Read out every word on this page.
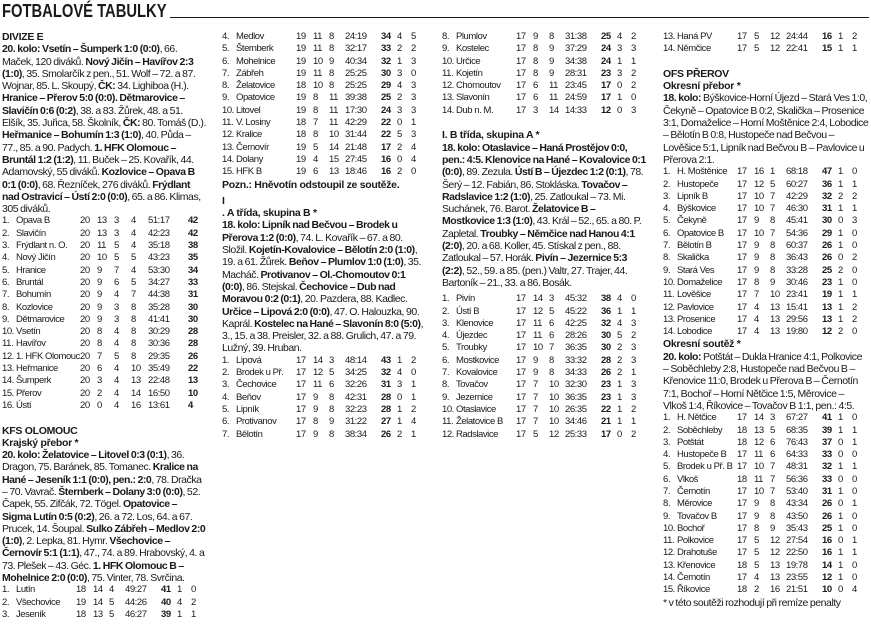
FOTBALOVÉ TABULKY

DIVIZE E

20. kolo: Vsetín – Šumperk 1:0 (0:0), 66. Maček, 120 diváků. Nový Jičín – Havířov 2:3 (1:0), 35. Smolarčík z pen., 51. Wolf – 72. a 87. Wojnar, 85. L. Skoupý, ČK: 34. Lighiboa (H.). Hranice – Přerov 5:0 (0:0). Dětmarovice – Slavičín 0:6 (0:2), 38. a 83. Žůrek, 48. a 51. Elšík, 35. Juřica, 58. Školník, ČK: 80. Tomáš (D.). Heřmanice – Bohumín 1:3 (1:0), 40. Půda – 77., 85. a 90. Padych. 1. HFK Olomouc – Bruntál 1:2 (1:2), 11. Buček – 25. Kovařík, 44. Adamovský, 55 diváků. Kozlovice – Opava B 0:1 (0:0), 68. Řezníček, 276 diváků. Frýdlant nad Ostravicí – Ústí 2:0 (0:0), 65. a 86. Klimas, 305 diváků.

1.	Opava B	20	13	3	4	51:17	42
2.	Slavičín	20	13	3	4	42:23	42
3.	Frýdlant n. O.	20	11	5	4	35:18	38
4.	Nový Jičín	20	10	5	5	43:23	35
5.	Hranice	20	9	7	4	53:30	34
6.	Bruntál	20	9	6	5	34:27	33
7.	Bohumín	20	9	4	7	44:38	31
8.	Kozlovice	20	9	3	8	35:28	30
9.	Dětmarovice	20	9	3	8	41:41	30
10.	Vsetín	20	8	4	8	30:29	28
11.	Havířov	20	8	4	8	30:36	28
12.	1. HFK Olomouc	20	7	5	8	29:35	26
13.	Heřmanice	20	6	4	10	35:49	22
14.	Šumperk	20	3	4	13	22:48	13
15.	Přerov	20	2	4	14	16:50	10
16.	Ústí	20	0	4	16	13:61	4

KFS OLOMOUC

Krajský přebor *

20. kolo: Želatovice – Litovel 0:3 (0:1), 36. Dragon, 75. Baránek, 85. Tomanec. Kralice na Hané – Jeseník 1:1 (0:0), pen.: 2:0, 78. Dračka – 70. Vavrač. Šternberk – Dolany 3:0 (0:0), 52. Čapek, 55. Zifčák, 72. Tögel. Opatovice – Sigma Lutín 0:5 (0:2), 26. a 72. Los, 64. a 67. Prucek, 14. Šoupal. Sulko Zábřeh – Medlov 2:0 (1:0), 2. Lepka, 81. Hymr. Všechovice – Černovír 5:1 (1:1), 47., 74. a 89. Hrabovský, 4. a 73. Plešek – 43. Géc. 1. HFK Olomouc B – Mohelnice 2:0 (0:0), 75. Vinter, 78. Svrčina.

1.	Lutín	18	14	4	49:27	41	1	0
2.	Všechovice	19	14	5	44:26	40	4	2
3.	Jeseník	18	13	5	46:27	39	1	1
4.	Medlov	19	11	8	24:19	34	4	5
5.	Šternberk	19	11	8	32:17	33	2	2
6.	Mohelnice	19	10	9	40:34	32	1	3
7.	Zábřeh	19	11	8	25:25	30	3	0
8.	Želatovice	18	10	8	25:25	29	4	3
9.	Opatovice	19	8	11	39:38	25	2	3
10.	Litovel	19	8	11	17:30	24	3	3
11.	V. Losiny	18	7	11	42:29	22	0	1
12.	Kralice	18	8	10	31:44	22	5	3
13.	Černovír	19	5	14	21:48	17	2	4
14.	Dolany	19	4	15	27:45	16	0	4
15.	HFK B	19	6	13	18:46	16	2	0

Pozn.: Hněvotín odstoupil ze soutěže.

I

. A třída, skupina B *

18. kolo: Lipník nad Bečvou – Brodek u Přerova 1:2 (0:0), 74. L. Kovařík – 67. a 80. Složil. Kojetín-Kovalovice – Bělotín 2:0 (1:0), 19. a 61. Žůrek. Beňov – Plumlov 1:0 (1:0), 35. Macháč. Protivanov – Ol.-Chomoutov 0:1 (0:0), 86. Stejskal. Čechovice – Dub nad Moravou 0:2 (0:1), 20. Pazdera, 88. Kadlec. Určice – Lipová 2:0 (0:0), 47. O. Halouzka, 90. Kaprál. Kostelec na Hané – Slavonín 8:0 (5:0), 3., 15. a 38. Preisler, 32. a 88. Grulich, 47. a 79. Lužný, 39. Hruban.

1.	Lipová	17	14	3	48:14	43	1	2
2.	Brodek u Př.	17	12	5	34:25	32	4	0
3.	Čechovice	17	11	6	32:26	31	3	1
4.	Beňov	17	9	8	42:31	28	0	1
5.	Lipník	17	9	8	32:23	28	1	2
6.	Protivanov	17	8	9	31:22	27	1	4
7.	Bělotín	17	9	8	38:34	26	2	1
8.	Plumlov	17	9	8	31:38	25	4	2
9.	Kostelec	17	8	9	37:29	24	3	3
10.	Určice	17	8	9	34:38	24	1	1
11.	Kojetín	17	8	9	28:31	23	3	2
12.	Chomoutov	17	6	11	23:45	17	0	2
13.	Slavonín	17	6	11	24:59	17	1	0
14.	Dub n. M.	17	3	14	14:33	12	0	3

I. B třída, skupina A *

18. kolo: Otaslavice – Haná Prostějov 0:0, pen.: 4:5. Klenovice na Hané – Kovalovice 0:1 (0:0), 89. Zezula. Ústí B – Újezdec 1:2 (0:1), 78. Šerý – 12. Fabián, 86. Stokláska. Tovačov – Radslavice 1:2 (1:0), 25. Zatloukal – 73. Mi. Suchánek, 76. Barot. Želatovice B – Mostkovice 1:3 (1:0), 43. Král – 52., 65. a 80. P. Zapletal. Troubky – Němčice nad Hanou 4:1 (2:0), 20. a 68. Koller, 45. Stískal z pen., 88. Zatloukal – 57. Horák. Pivín – Jezernice 5:3 (2:2), 52., 59. a 85. (pen.) Valtr, 27. Trajer, 44. Bartoník – 21., 33. a 86. Bosák.

1.	Pivín	17	14	3	45:32	38	4	0
2.	Ústí B	17	12	5	45:22	36	1	1
3.	Klenovice	17	11	6	42:25	32	4	3
4.	Újezdec	17	11	6	28:26	30	5	2
5.	Troubky	17	10	7	36:35	30	2	3
6.	Mostkovice	17	9	8	33:32	28	2	3
7.	Kovalovice	17	9	8	34:33	26	2	1
8.	Tovačov	17	7	10	32:30	23	1	3
9.	Jezernice	17	7	10	36:35	23	1	3
10.	Otaslavice	17	7	10	26:35	22	1	2
11.	Želatovice B	17	7	10	34:46	21	1	1
12.	Radslavice	17	5	12	25:33	17	0	2
13.	Haná PV	17	5	12	24:44	16	1	2
14.	Němčice	17	5	12	22:41	15	1	1

OFS PŘEROV

Okresní přebor *

18. kolo: Býškovice-Horní Újezd – Stará Ves 1:0, Čekyně – Opatovice B 0:2, Skalička – Prosenice 3:1, Domaželice – Horní Moštěnice 2:4, Lobodice – Bělotín B 0:8, Hustopeče nad Bečvou – Lověšice 5:1, Lipník nad Bečvou B – Pavlovice u Přerova 2:1.

1.	H. Moštěnice	17	16	1	68:18	47	1	0
2.	Hustopeče	17	12	5	60:27	36	1	1
3.	Lipník B	17	10	7	42:29	32	2	2
4.	Býškovice	17	10	7	46:30	31	1	1
5.	Čekyně	17	9	8	45:41	30	0	3
6.	Opatovice B	17	10	7	54:36	29	1	0
7.	Bělotín B	17	9	8	60:37	26	1	0
8.	Skalička	17	9	8	36:43	26	0	2
9.	Stará Ves	17	9	8	33:28	25	2	0
10.	Domaželice	17	8	9	30:46	23	1	0
11.	Lověšice	17	7	10	23:41	19	1	1
12.	Pavlovice	17	4	13	15:41	13	1	2
13.	Prosenice	17	4	13	29:56	13	1	2
14.	Lobodice	17	4	13	19:80	12	2	0

Okresní soutěž *

20. kolo: Potštát – Dukla Hranice 4:1, Polkovice – Soběchleby 2:8, Hustopeče nad Bečvou B – Křenovice 11:0, Brodek u Přerova B – Černotín 7:1, Bochoř – Horní Nětčice 1:5, Měrovice – Vlkoš 1:4, Říkovice – Tovačov B 1:1, pen.: 4:5.

1.	H. Nětčice	17	14	3	67:27	41	1	0
2.	Soběchleby	18	13	5	68:35	39	1	1
3.	Potštát	18	12	6	76:43	37	0	1
4.	Hustopeče B	17	11	6	64:33	33	0	0
5.	Brodek u Př. B	17	10	7	48:31	32	1	1
6.	Vlkoš	18	11	7	56:36	33	0	0
7.	Černotín	17	10	7	53:40	31	1	0
8.	Měrovice	17	9	8	43:34	26	0	1
9.	Tovačov B	17	9	8	43:50	26	1	0
10.	Bochoř	17	8	9	35:43	25	1	0
11.	Polkovice	17	5	12	27:54	16	0	1
12.	Drahotuše	17	5	12	22:50	16	1	1
13.	Křenovice	18	5	13	19:78	14	1	0
14.	Černotín	17	4	13	23:55	12	1	0
15.	Říkovice	18	2	16	21:51	10	0	4

* v této soutěži rozhodují při remíze penalty
